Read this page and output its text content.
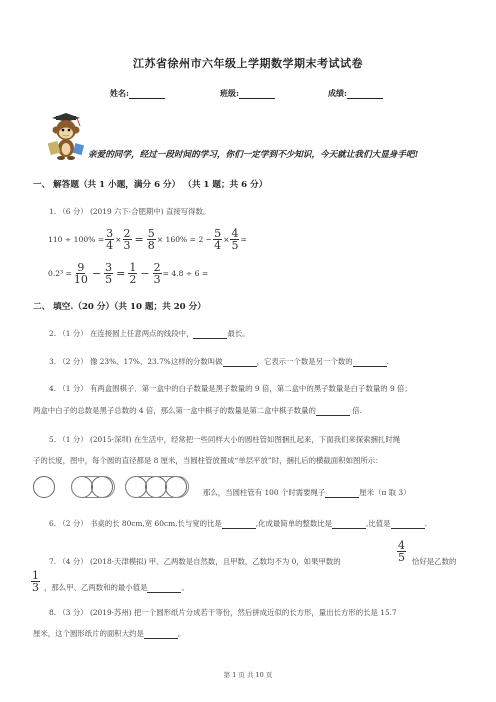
江苏省徐州市六年级上学期数学期末考试试卷
姓名:	班级:	成绩:
亲爱的同学，经过一段时间的学习，你们一定学到不少知识，今天就让我们大显身手吧!
一、 解答题（共 1 小题，满分 6 分） （共 1 题；共 6 分）
1. （6 分） (2019 六下·合肥期中) 直接写得数。
$110 \div 100\% = \frac{3}{4} \times \frac{2}{3} = \frac{5}{8} \times 160\% = 2 - \frac{5}{4} \times \frac{4}{5}$ =
$0.2^3 = \frac{9}{10} - \frac{3}{5} = \frac{1}{2} - \frac{2}{3} = 4.8 \div 6$ =
二、 填空.（20 分）（共 10 题；共 20 分）
2. （1 分） 在连接圆上任意两点的线段中，	最长。
3. （2 分） 像 23%、17%、23.7%这样的分数叫做	，它表示一个数是另一个数的	.
4. （1 分） 有两盒围棋子．第一盒中的白子数量是黑子数量的 9 倍，第二盒中的黑子数量是白子数量的 9 倍；
两盒中白子的总数是黑子总数的 4 倍，那么第一盒中棋子的数量是第二盒中棋子数量的	倍.
5. （1 分） (2015·深圳) 在生活中，经常把一些同样大小的圆柱管如图捆扎起来，下面我们来探索捆扎时绳
子的长度，图中，每个圆的直径都是 8 厘米，当圆柱管放置成“单层平放”时，捆扎后的横截面积如图所示：
那么，当圆柱管有 100 个时需要绳子	厘米（π 取 3）
6. （2 分） 书桌的长 80cm,宽 60cm,长与宽的比是	,化成最简单的整数比是	,比值是	.
7. （4 分） (2018·天津模拟) 甲、乙两数是自然数，且甲数，乙数均不为 0，如果甲数的	$\frac{4}{5}$ 恰好是乙数的
$\frac{1}{3}$ ，那么甲、乙两数和的最小值是	。
8. （3 分） (2019·苏州) 把一个圆形纸片分成若干等份，然后拼成近似的长方形，量出长方形的长是 15.7
厘米，这个圆形纸片的面积大约是	。
第 1 页 共 10 页
